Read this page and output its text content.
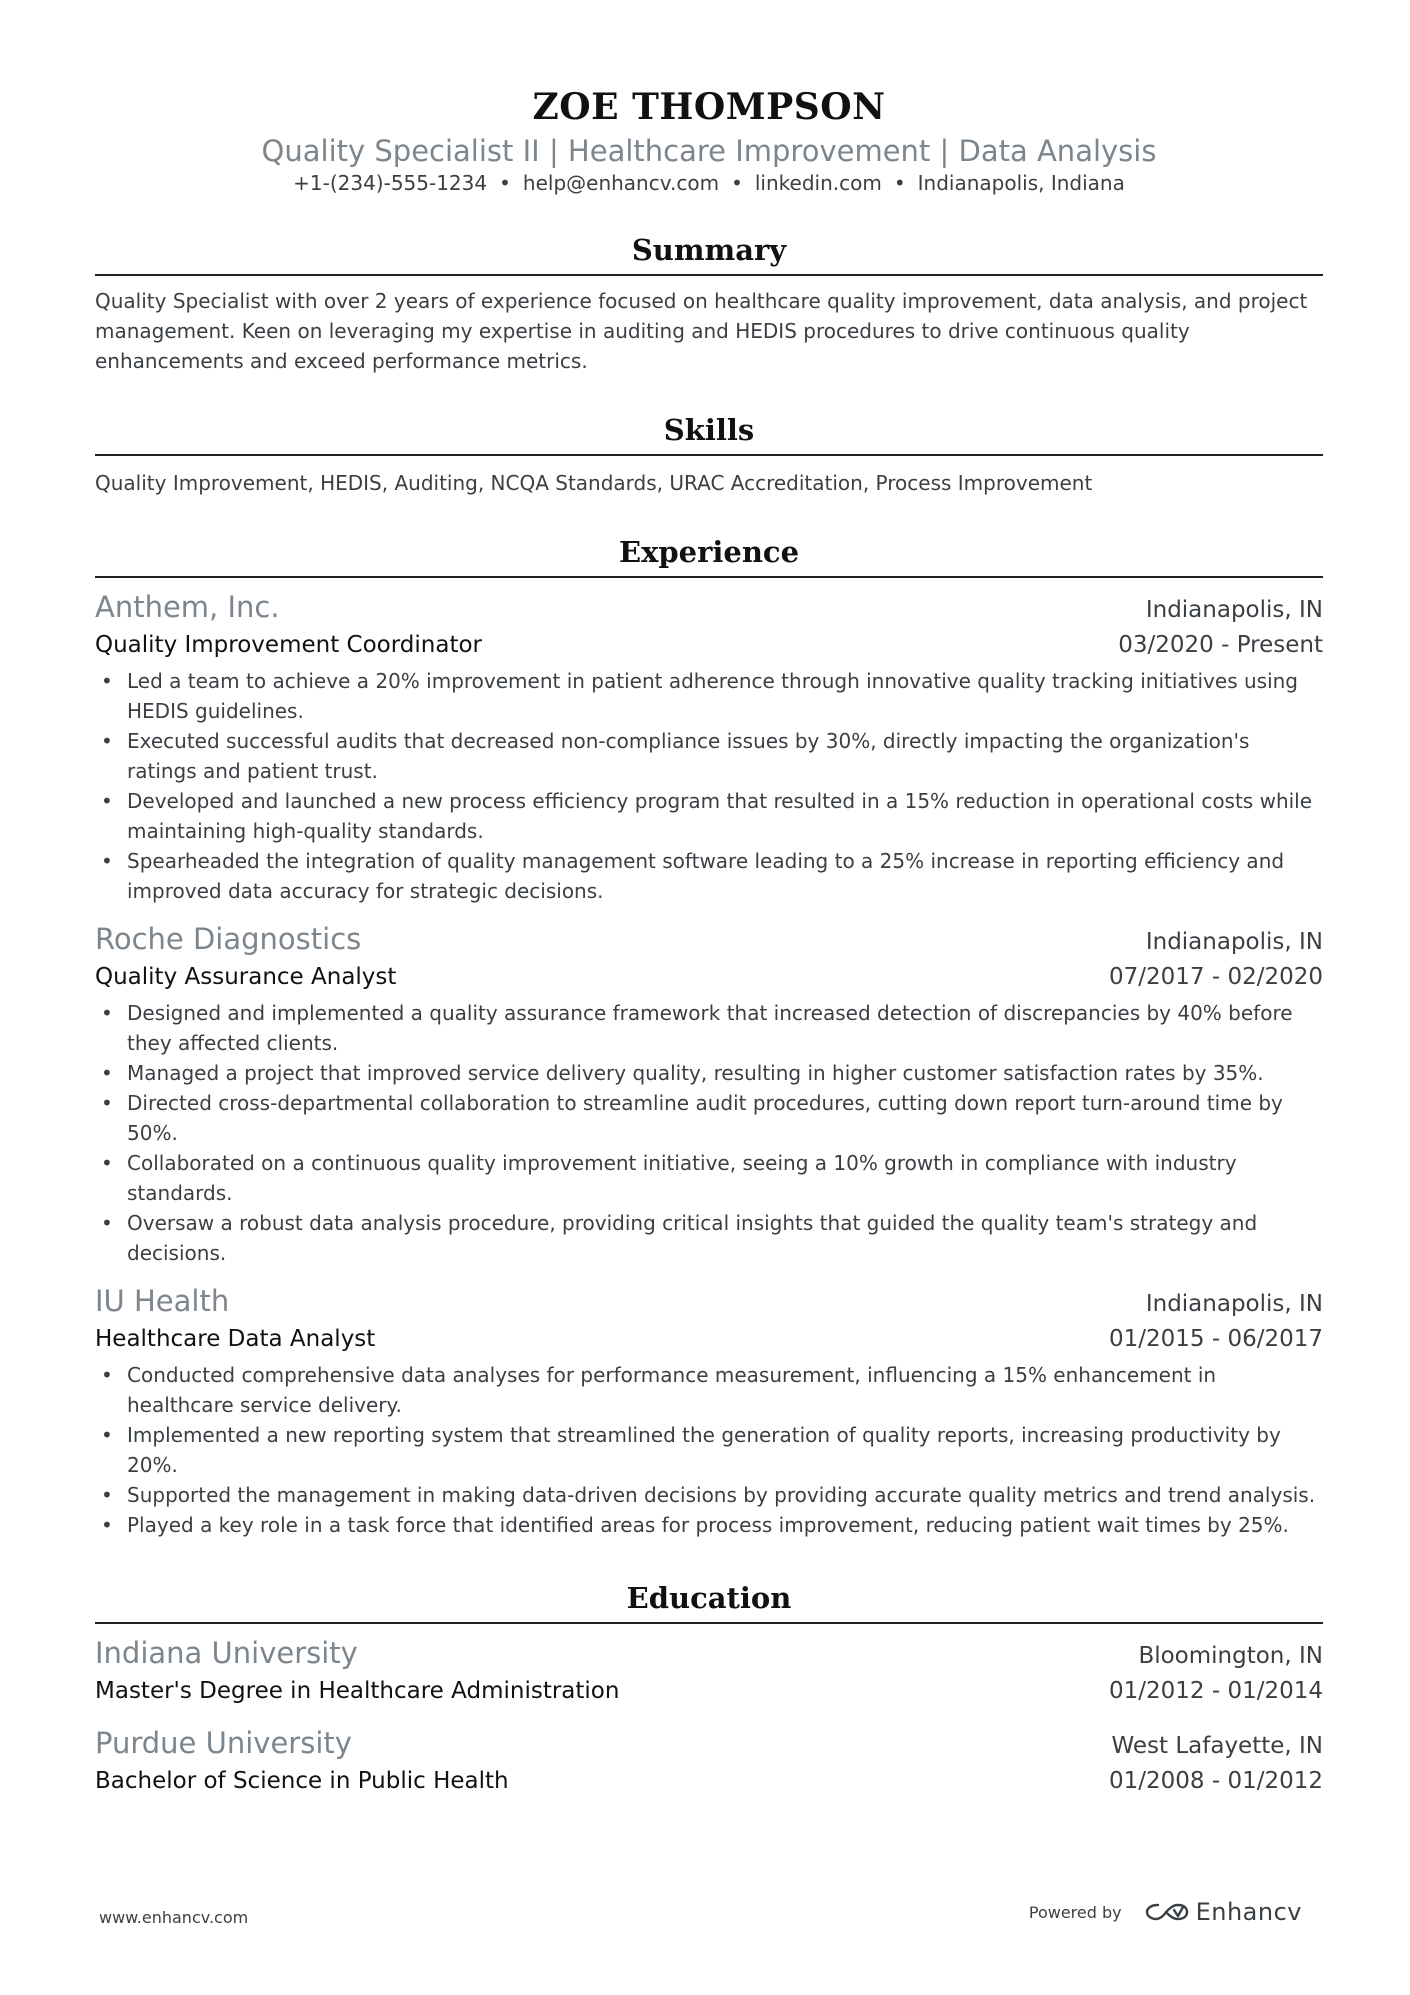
ZOE THOMPSON
Quality Specialist II | Healthcare Improvement | Data Analysis
+1-(234)-555-1234 • help@enhancv.com • linkedin.com • Indianapolis, Indiana
Summary
Quality Specialist with over 2 years of experience focused on healthcare quality improvement, data analysis, and project management. Keen on leveraging my expertise in auditing and HEDIS procedures to drive continuous quality enhancements and exceed performance metrics.
Skills
Quality Improvement, HEDIS, Auditing, NCQA Standards, URAC Accreditation, Process Improvement
Experience
Anthem, Inc.	Indianapolis, IN
Quality Improvement Coordinator	03/2020 - Present
• Led a team to achieve a 20% improvement in patient adherence through innovative quality tracking initiatives using HEDIS guidelines.
• Executed successful audits that decreased non-compliance issues by 30%, directly impacting the organization's ratings and patient trust.
• Developed and launched a new process efficiency program that resulted in a 15% reduction in operational costs while maintaining high-quality standards.
• Spearheaded the integration of quality management software leading to a 25% increase in reporting efficiency and improved data accuracy for strategic decisions.
Roche Diagnostics	Indianapolis, IN
Quality Assurance Analyst	07/2017 - 02/2020
• Designed and implemented a quality assurance framework that increased detection of discrepancies by 40% before they affected clients.
• Managed a project that improved service delivery quality, resulting in higher customer satisfaction rates by 35%.
• Directed cross-departmental collaboration to streamline audit procedures, cutting down report turn-around time by 50%.
• Collaborated on a continuous quality improvement initiative, seeing a 10% growth in compliance with industry standards.
• Oversaw a robust data analysis procedure, providing critical insights that guided the quality team's strategy and decisions.
IU Health	Indianapolis, IN
Healthcare Data Analyst	01/2015 - 06/2017
• Conducted comprehensive data analyses for performance measurement, influencing a 15% enhancement in healthcare service delivery.
• Implemented a new reporting system that streamlined the generation of quality reports, increasing productivity by 20%.
• Supported the management in making data-driven decisions by providing accurate quality metrics and trend analysis.
• Played a key role in a task force that identified areas for process improvement, reducing patient wait times by 25%.
Education
Indiana University	Bloomington, IN
Master's Degree in Healthcare Administration	01/2012 - 01/2014
Purdue University	West Lafayette, IN
Bachelor of Science in Public Health	01/2008 - 01/2012
www.enhancv.com	Powered by	Enhancv
